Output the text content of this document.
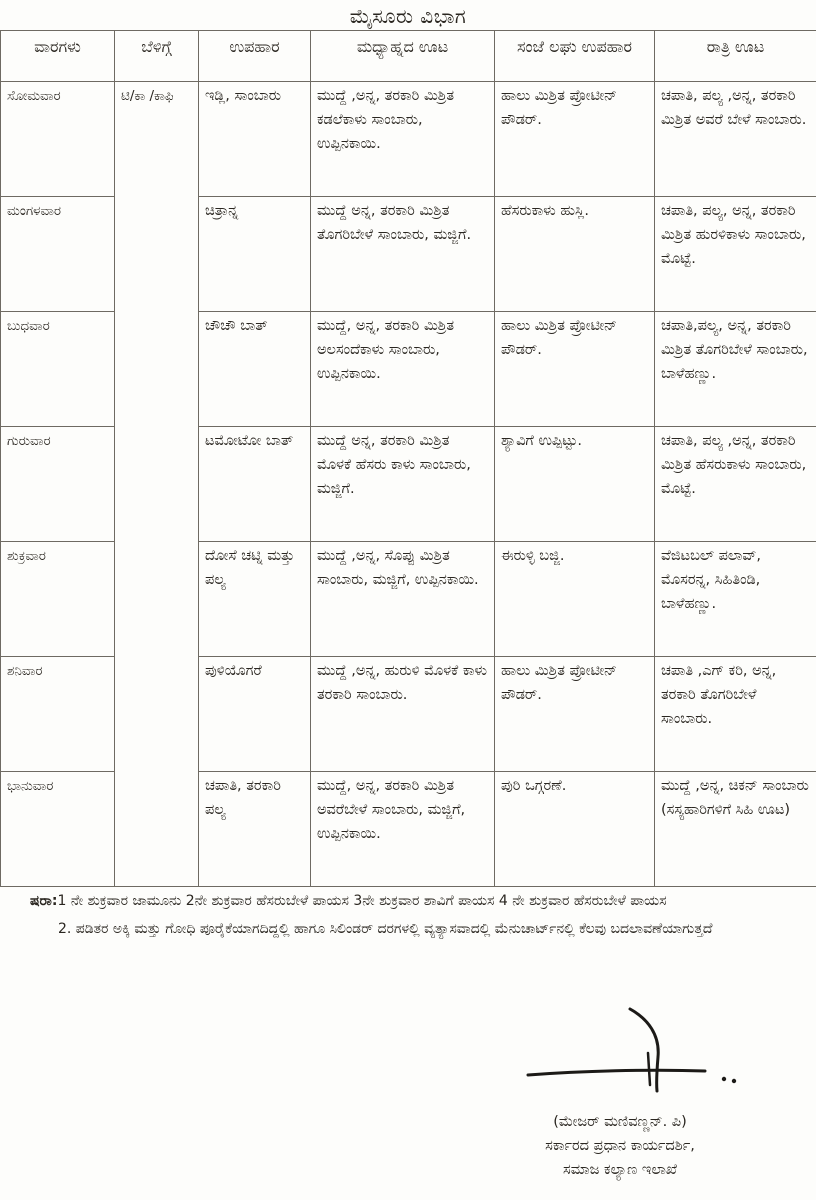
ಮೈಸೂರು ವಿಭಾಗ
ವಾರಗಳು	ಬೆಳಿಗ್ಗೆ	ಉಪಹಾರ	ಮಧ್ಯಾಹ್ನದ ಊಟ	ಸಂಜೆ ಲಘು ಉಪಹಾರ	ರಾತ್ರಿ ಊಟ
ಸೋಮವಾರ	ಟಿ/ಕಾ /ಕಾಫಿ	ಇಡ್ಲಿ, ಸಾಂಬಾರು	ಮುದ್ದೆ ,ಅನ್ನ, ತರಕಾರಿ ಮಿಶ್ರಿತ ಕಡಲೆಕಾಳು ಸಾಂಬಾರು, ಉಪ್ಪಿನಕಾಯಿ.	ಹಾಲು ಮಿಶ್ರಿತ ಪ್ರೋಟೀನ್ ಪೌಡರ್.	ಚಪಾತಿ, ಪಲ್ಯ ,ಅನ್ನ, ತರಕಾರಿ ಮಿಶ್ರಿತ ಅವರೆ ಬೇಳೆ ಸಾಂಬಾರು.
ಮಂಗಳವಾರ		ಚಿತ್ರಾನ್ನ	ಮುದ್ದೆ ಅನ್ನ, ತರಕಾರಿ ಮಿಶ್ರಿತ ತೊಗರಿಬೇಳೆ ಸಾಂಬಾರು, ಮಜ್ಜಿಗೆ.	ಹೆಸರುಕಾಳು ಹುಸ್ಲಿ.	ಚಪಾತಿ, ಪಲ್ಯ, ಅನ್ನ, ತರಕಾರಿ ಮಿಶ್ರಿತ ಹುರಳಿಕಾಳು ಸಾಂಬಾರು, ಮೊಟ್ಟೆ.
ಬುಧವಾರ		ಚೌಚೌ ಬಾತ್	ಮುದ್ದೆ, ಅನ್ನ, ತರಕಾರಿ ಮಿಶ್ರಿತ ಅಲಸಂದೆಕಾಳು ಸಾಂಬಾರು, ಉಪ್ಪಿನಕಾಯಿ.	ಹಾಲು ಮಿಶ್ರಿತ ಪ್ರೋಟೀನ್ ಪೌಡರ್.	ಚಪಾತಿ,ಪಲ್ಯ, ಅನ್ನ, ತರಕಾರಿ ಮಿಶ್ರಿತ ತೊಗರಿಬೇಳೆ ಸಾಂಬಾರು, ಬಾಳೆಹಣ್ಣು.
ಗುರುವಾರ		ಟಮೋಟೋ ಬಾತ್	ಮುದ್ದೆ ಅನ್ನ, ತರಕಾರಿ ಮಿಶ್ರಿತ ಮೊಳಕೆ ಹೆಸರು ಕಾಳು ಸಾಂಬಾರು, ಮಜ್ಜಿಗೆ.	ಶ್ಯಾವಿಗೆ ಉಪ್ಪಿಟ್ಟು.	ಚಪಾತಿ, ಪಲ್ಯ ,ಅನ್ನ, ತರಕಾರಿ ಮಿಶ್ರಿತ ಹೆಸರುಕಾಳು ಸಾಂಬಾರು, ಮೊಟ್ಟೆ.
ಶುಕ್ರವಾರ		ದೋಸೆ ಚಟ್ನಿ ಮತ್ತು ಪಲ್ಯ	ಮುದ್ದೆ ,ಅನ್ನ, ಸೊಪ್ಪು ಮಿಶ್ರಿತ ಸಾಂಬಾರು, ಮಜ್ಜಿಗೆ, ಉಪ್ಪಿನಕಾಯಿ.	ಈರುಳ್ಳಿ ಬಜ್ಜಿ.	ವೆಜಿಟಬಲ್ ಪಲಾವ್, ಮೊಸರನ್ನ, ಸಿಹಿತಿಂಡಿ, ಬಾಳೆಹಣ್ಣು.
ಶನಿವಾರ		ಪುಳಿಯೊಗರೆ	ಮುದ್ದೆ ,ಅನ್ನ, ಹುರುಳಿ ಮೊಳಕೆ ಕಾಳು ತರಕಾರಿ ಸಾಂಬಾರು.	ಹಾಲು ಮಿಶ್ರಿತ ಪ್ರೋಟೀನ್ ಪೌಡರ್.	ಚಪಾತಿ ,ಎಗ್ ಕರಿ, ಅನ್ನ, ತರಕಾರಿ ತೊಗರಿಬೇಳೆ ಸಾಂಬಾರು.
ಭಾನುವಾರ		ಚಪಾತಿ, ತರಕಾರಿ ಪಲ್ಯ	ಮುದ್ದೆ, ಅನ್ನ, ತರಕಾರಿ ಮಿಶ್ರಿತ ಅವರೆಬೇಳೆ ಸಾಂಬಾರು, ಮಜ್ಜಿಗೆ, ಉಪ್ಪಿನಕಾಯಿ.	ಪುರಿ ಒಗ್ಗರಣೆ.	ಮುದ್ದೆ ,ಅನ್ನ, ಚಿಕನ್ ಸಾಂಬಾರು (ಸಸ್ಯಹಾರಿಗಳಿಗೆ ಸಿಹಿ ಊಟ)
ಷರಾ:1 ನೇ ಶುಕ್ರವಾರ ಜಾಮೂನು 2ನೇ ಶುಕ್ರವಾರ ಹೆಸರುಬೇಳೆ ಪಾಯಸ 3ನೇ ಶುಕ್ರವಾರ ಶಾವಿಗೆ ಪಾಯಸ 4 ನೇ ಶುಕ್ರವಾರ ಹೆಸರುಬೇಳೆ ಪಾಯಸ
2. ಪಡಿತರ ಅಕ್ಕಿ ಮತ್ತು ಗೋಧಿ ಪೂರೈಕೆಯಾಗದಿದ್ದಲ್ಲಿ ಹಾಗೂ ಸಿಲಿಂಡರ್ ದರಗಳಲ್ಲಿ ವ್ಯತ್ಯಾಸವಾದಲ್ಲಿ ಮೆನುಚಾರ್ಟ್‌ನಲ್ಲಿ ಕೆಲವು ಬದಲಾವಣೆಯಾಗುತ್ತದೆ
(ಮೇಜರ್ ಮಣಿವಣ್ಣನ್. ಪಿ)
ಸರ್ಕಾರದ ಪ್ರಧಾನ ಕಾರ್ಯದರ್ಶಿ,
ಸಮಾಜ ಕಲ್ಯಾಣ ಇಲಾಖೆ
